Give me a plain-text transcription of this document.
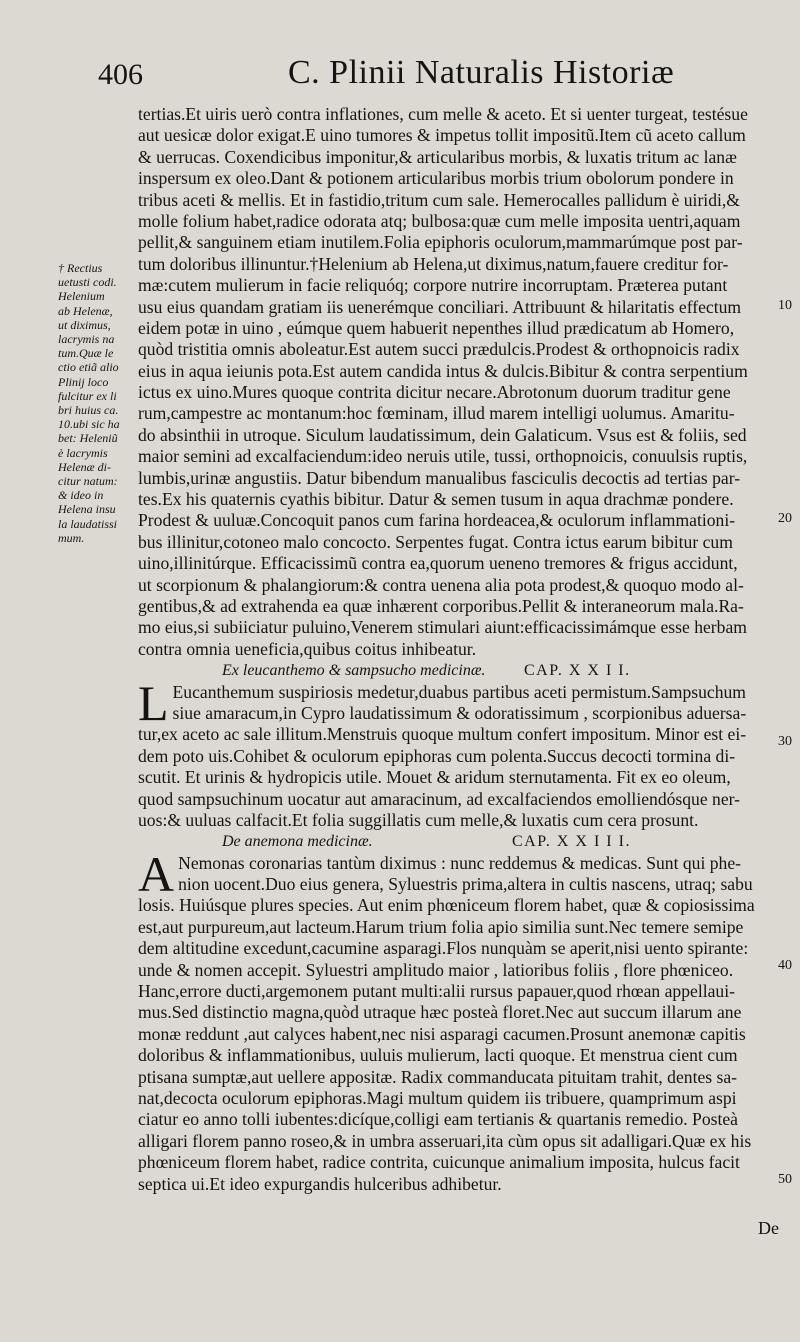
406	C. Plinii Naturalis Historiæ
† Rectius
uetusti codi.
Helenium
ab Helenæ,
ut diximus,
lacrymis na
tum.Quæ le
ctio etiã alio
Plinij loco
fulcitur ex li
bri huius ca.
10.ubi sic ha
bet: Heleniũ
è lacrymis
Helenæ di-
citur natum:
& ideo in
Helena insu
la laudatissi
mum.
tertias.Et uiris uerò contra inflationes, cum melle & aceto. Et si uenter turgeat, testésue
aut uesicæ dolor exigat.E uino tumores & impetus tollit impositũ.Item cũ aceto callum
& uerrucas. Coxendicibus imponitur,& articularibus morbis, & luxatis tritum ac lanæ
inspersum ex oleo.Dant & potionem articularibus morbis trium obolorum pondere in
tribus aceti & mellis. Et in fastidio,tritum cum sale. Hemerocalles pallidum è uiridi,&
molle folium habet,radice odorata atq; bulbosa:quæ cum melle imposita uentri,aquam
pellit,& sanguinem etiam inutilem.Folia epiphoris oculorum,mammarúmque post par-
tum doloribus illinuntur.†Helenium ab Helena,ut diximus,natum,fauere creditur for-
mæ:cutem mulierum in facie reliquóq; corpore nutrire incorruptam. Præterea putant
usu eius quandam gratiam iis uenerémque conciliari. Attribuunt & hilaritatis effectum
eidem potæ in uino , eúmque quem habuerit nepenthes illud prædicatum ab Homero,
quòd tristitia omnis aboleatur.Est autem succi prædulcis.Prodest & orthopnoicis radix
eius in aqua ieiunis pota.Est autem candida intus & dulcis.Bibitur & contra serpentium
ictus ex uino.Mures quoque contrita dicitur necare.Abrotonum duorum traditur gene
rum,campestre ac montanum:hoc fœminam, illud marem intelligi uolumus. Amaritu-
do absinthii in utroque. Siculum laudatissimum, dein Galaticum. Vsus est & foliis, sed
maior semini ad excalfaciendum:ideo neruis utile, tussi, orthopnoicis, conuulsis ruptis,
lumbis,urinæ angustiis. Datur bibendum manualibus fasciculis decoctis ad tertias par-
tes.Ex his quaternis cyathis bibitur. Datur & semen tusum in aqua drachmæ pondere.
Prodest & uuluæ.Concoquit panos cum farina hordeacea,& oculorum inflammationi-
bus illinitur,cotoneo malo concocto. Serpentes fugat. Contra ictus earum bibitur cum
uino,illinitúrque. Efficacissimũ contra ea,quorum ueneno tremores & frigus accidunt,
ut scorpionum & phalangiorum:& contra uenena alia pota prodest,& quoquo modo al-
gentibus,& ad extrahenda ea quæ inhærent corporibus.Pellit & interaneorum mala.Ra-
mo eius,si subiiciatur puluino,Venerem stimulari aiunt:efficacissimámque esse herbam
contra omnia ueneficia,quibus coitus inhibeatur.
Ex leucanthemo & sampsucho medicinæ. CAP. X X I I.
L Eucanthemum suspiriosis medetur,duabus partibus aceti permistum.Sampsuchum
siue amaracum,in Cypro laudatissimum & odoratissimum , scorpionibus aduersa-
tur,ex aceto ac sale illitum.Menstruis quoque multum confert impositum. Minor est ei-
dem poto uis.Cohibet & oculorum epiphoras cum polenta.Succus decocti tormina di-
scutit. Et urinis & hydropicis utile. Mouet & aridum sternutamenta. Fit ex eo oleum,
quod sampsuchinum uocatur aut amaracinum, ad excalfaciendos emolliendósque ner-
uos:& uuluas calfacit.Et folia suggillatis cum melle,& luxatis cum cera prosunt.
De anemona medicinæ.	CAP. X X I I I.
A Nemonas coronarias tantùm diximus : nunc reddemus & medicas. Sunt qui phe-
nion uocent.Duo eius genera, Syluestris prima,altera in cultis nascens, utraq; sabu
losis. Huiúsque plures species. Aut enim phœniceum florem habet, quæ & copiosissima
est,aut purpureum,aut lacteum.Harum trium folia apio similia sunt.Nec temere semipe
dem altitudine excedunt,cacumine asparagi.Flos nunquàm se aperit,nisi uento spirante:
unde & nomen accepit. Syluestri amplitudo maior , latioribus foliis , flore phœniceo.
Hanc,errore ducti,argemonem putant multi:alii rursus papauer,quod rhœan appellaui-
mus.Sed distinctio magna,quòd utraque hæc posteà floret.Nec aut succum illarum ane
monæ reddunt ,aut calyces habent,nec nisi asparagi cacumen.Prosunt anemonæ capitis
doloribus & inflammationibus, uuluis mulierum, lacti quoque. Et menstrua cient cum
ptisana sumptæ,aut uellere appositæ. Radix commanducata pituitam trahit, dentes sa-
nat,decocta oculorum epiphoras.Magi multum quidem iis tribuere, quamprimum aspi
ciatur eo anno tolli iubentes:dicíque,colligi eam tertianis & quartanis remedio. Posteà
alligari florem panno roseo,& in umbra asseruari,ita cùm opus sit adalligari.Quæ ex his
phœniceum florem habet, radice contrita, cuicunque animalium imposita, hulcus facit
septica ui.Et ideo expurgandis hulceribus adhibetur.
10
20
30
40
50
De
